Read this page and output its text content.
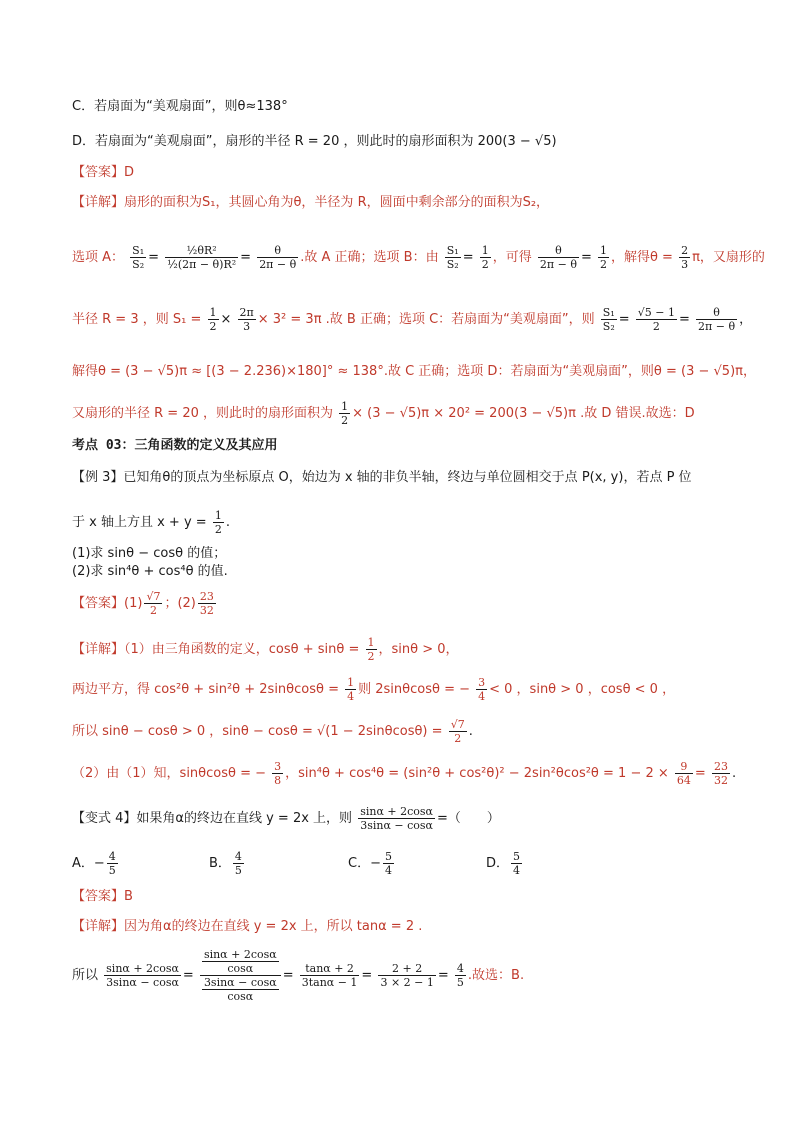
C．若扇面为“美观扇面”，则θ≈138°
D．若扇面为“美观扇面”，扇形的半径 R = 20 ，则此时的扇形面积为 200(3 − √5)
【答案】D
【详解】扇形的面积为S₁，其圆心角为θ，半径为 R，圆面中剩余部分的面积为S₂，
选项 A： $\frac{\text{S₁}}{\text{S₂}} = \frac{\text{½θR²}}{\text{½(2π − θ)R²}} = \frac{\theta}{2\pi - \theta}$ .故 A 正确；选项 B：由 $\frac{\text{S₁}}{\text{S₂}} = \frac{1}{2}$ ，可得 $\frac{\theta}{2\pi - \theta} = \frac{1}{2}$ ，解得$\theta = \frac{2}{3}$ π，又扇形的
半径 R = 3 ，则 $S_1 = \frac{1}{2} \times \frac{2\pi}{3} \times 3^2 = 3\pi$ .故 B 正确；选项 C：若扇面为“美观扇面”，则 $\frac{\text{S₁}}{\text{S₂}} = \frac{√5 - 1}{2} = \frac{\theta}{2\pi - \theta}$ ，
解得θ = (3 − √5)π ≈ [(3 − 2.236)×180]° ≈ 138°.故 C 正确；选项 D：若扇面为“美观扇面”，则θ = (3 − √5)π，
又扇形的半径 R = 20 ，则此时的扇形面积为 $\frac{1}{2} \times (3 - √5)\pi \times 20^2 = 200(3 - √5)\pi$ .故 D 错误.故选：D
考点 03：三角函数的定义及其应用
【例 3】已知角θ的顶点为坐标原点 O，始边为 x 轴的非负半轴，终边与单位圆相交于点 P(x, y)，若点 P 位
于 x 轴上方且 $x + y = \frac{1}{2}$ .
(1)求 sinθ − cosθ 的值；
(2)求 sin⁴θ + cos⁴θ 的值.
【答案】$(1) \frac{√7}{2}$ ；$(2) \frac{23}{32}$
【详解】（1）由三角函数的定义，$\cos\theta + \sin\theta = \frac{1}{2}$ ，sinθ > 0，
两边平方，得 $\cos^2\theta + \sin^2\theta + 2\sin\theta\cos\theta = \frac{1}{4}$ 则 2sinθcosθ = − $\frac{3}{4} < 0$ ，sinθ > 0 ，cosθ < 0 ，
所以 sinθ − cosθ > 0 ，$\sin\theta - \cos\theta = √(1 - 2\sin\theta\cos\theta) = \frac{√7}{2}$ .
（2）由（1）知，sinθcosθ = − $\frac{3}{8}$ ，$\sin^4\theta + \cos^4\theta = (\sin^2\theta + \cos^2\theta)^2 - 2\sin^2\theta\cos^2\theta = 1 - 2 \times \frac{9}{64} = \frac{23}{32}$ .
【变式 4】如果角α的终边在直线 y = 2x 上，则 $\frac{\sin\alpha + 2\cos\alpha}{3\sin\alpha - \cos\alpha}$ =（　　）
A．− $\frac{4}{5}$	B． $\frac{4}{5}$	C．− $\frac{5}{4}$	D． $\frac{5}{4}$
【答案】B
【详解】因为角α的终边在直线 y = 2x 上，所以 tanα = 2 .
所以 $\frac{\sin\alpha + 2\cos\alpha}{3\sin\alpha - \cos\alpha} = \frac{\frac{\sin\alpha + 2\cos\alpha}{\cos\alpha}}{\frac{3\sin\alpha - \cos\alpha}{\cos\alpha}} = \frac{\tan\alpha + 2}{3\tan\alpha - 1} = \frac{2 + 2}{3 \times 2 - 1} = \frac{4}{5}$ .故选：B.
